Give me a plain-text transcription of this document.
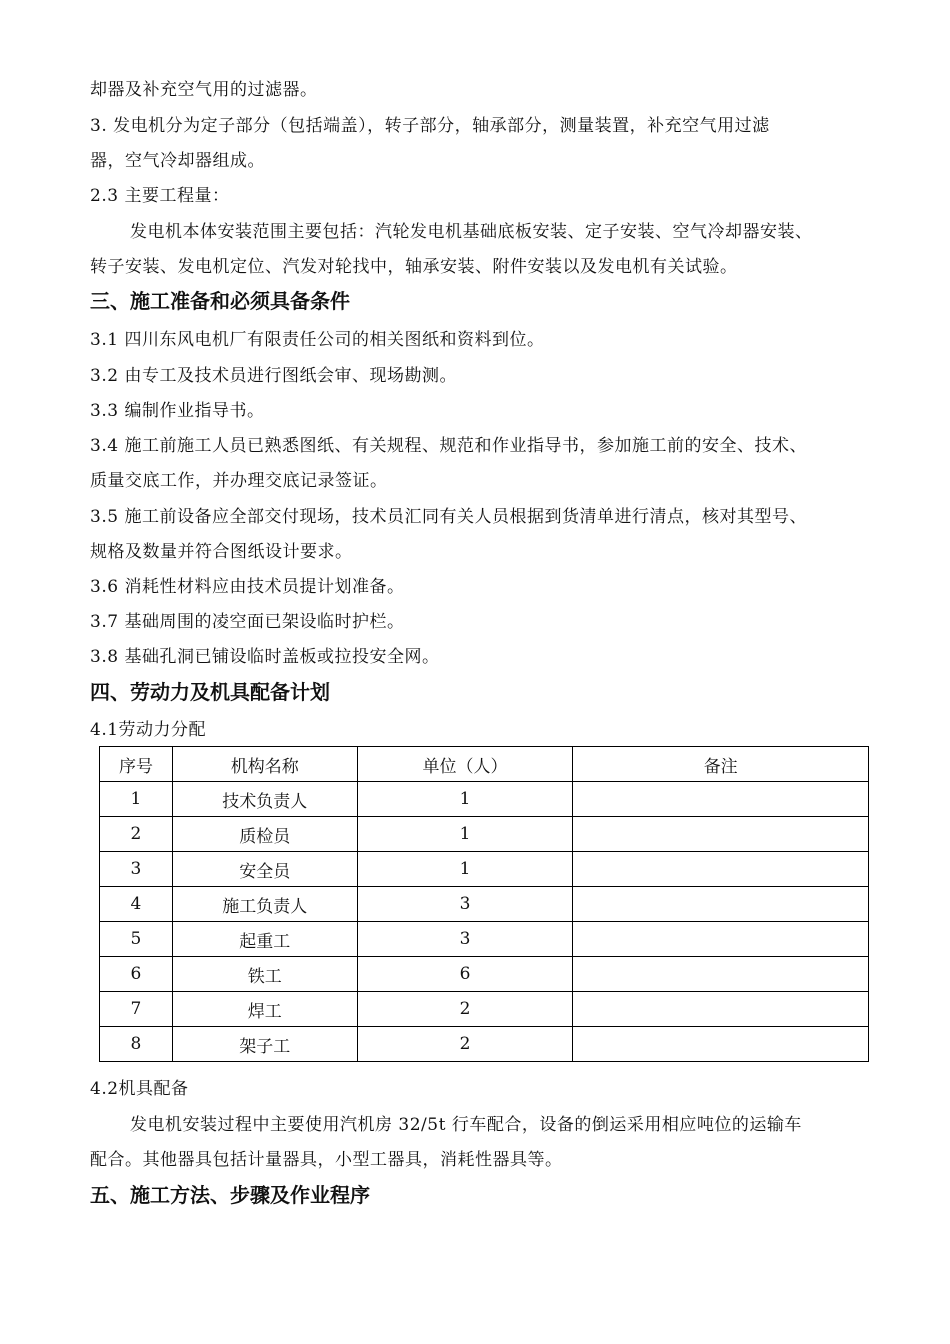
却器及补充空气用的过滤器。
3. 发电机分为定子部分（包括端盖），转子部分，轴承部分，测量装置，补充空气用过滤
器，空气冷却器组成。
2.3 主要工程量：
发电机本体安装范围主要包括：汽轮发电机基础底板安装、定子安装、空气冷却器安装、
转子安装、发电机定位、汽发对轮找中，轴承安装、附件安装以及发电机有关试验。
三、施工准备和必须具备条件
3.1 四川东风电机厂有限责任公司的相关图纸和资料到位。
3.2 由专工及技术员进行图纸会审、现场勘测。
3.3 编制作业指导书。
3.4 施工前施工人员已熟悉图纸、有关规程、规范和作业指导书，参加施工前的安全、技术、
质量交底工作，并办理交底记录签证。
3.5 施工前设备应全部交付现场，技术员汇同有关人员根据到货清单进行清点，核对其型号、
规格及数量并符合图纸设计要求。
3.6 消耗性材料应由技术员提计划准备。
3.7 基础周围的凌空面已架设临时护栏。
3.8 基础孔洞已铺设临时盖板或拉投安全网。
四、劳动力及机具配备计划
4.1劳动力分配
序号	机构名称	单位（人）	备注
1	技术负责人	1	
2	质检员	1	
3	安全员	1	
4	施工负责人	3	
5	起重工	3	
6	铁工	6	
7	焊工	2	
8	架子工	2	
4.2机具配备
发电机安装过程中主要使用汽机房 32/5t 行车配合，设备的倒运采用相应吨位的运输车
配合。其他器具包括计量器具，小型工器具，消耗性器具等。
五、施工方法、步骤及作业程序
